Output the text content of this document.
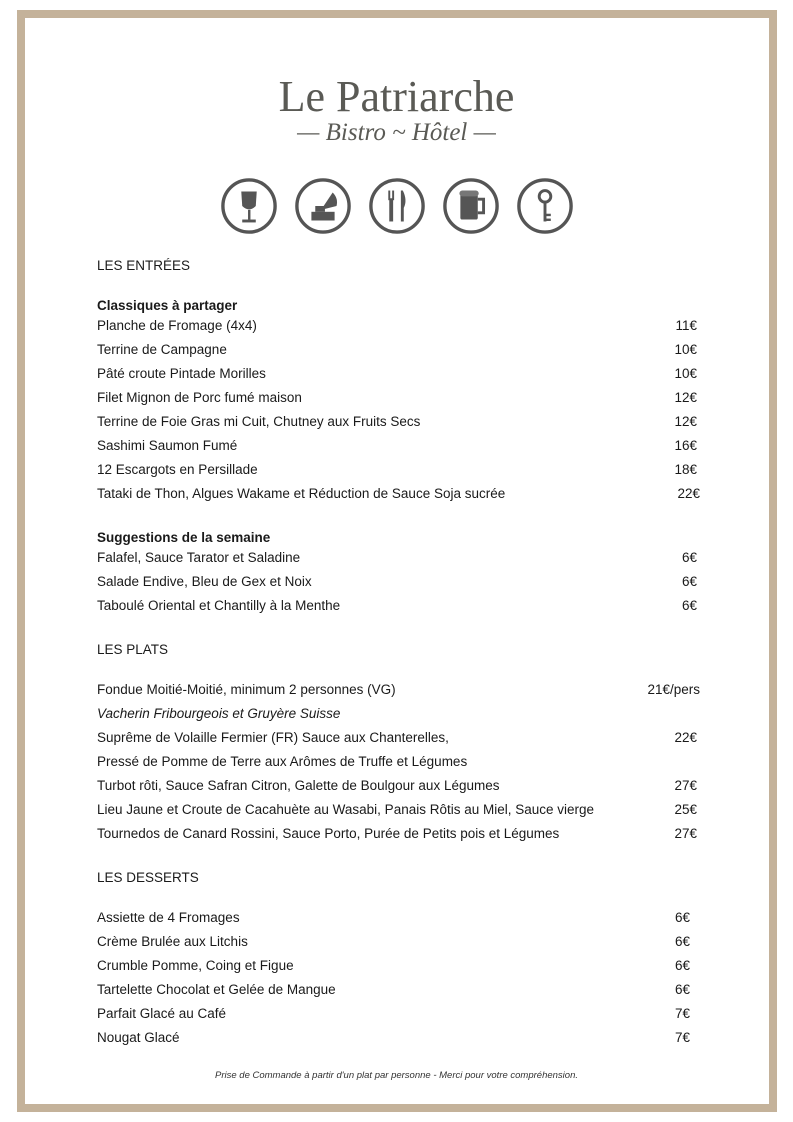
Le Patriarche
— Bistro ~ Hôtel —
LES ENTRÉES
Classiques à partager
Planche de Fromage (4x4)	11€
Terrine de Campagne	10€
Pâté croute Pintade Morilles	10€
Filet Mignon de Porc fumé maison	12€
Terrine de Foie Gras mi Cuit, Chutney aux Fruits Secs	12€
Sashimi Saumon Fumé	16€
12 Escargots en Persillade	18€
Tataki de Thon, Algues Wakame et Réduction de Sauce Soja sucrée	22€
Suggestions de la semaine
Falafel, Sauce Tarator et Saladine	6€
Salade Endive, Bleu de Gex et Noix	6€
Taboulé Oriental et Chantilly à la Menthe	6€
LES PLATS
Fondue Moitié-Moitié, minimum 2 personnes (VG)	21€/pers
Vacherin Fribourgeois et Gruyère Suisse
Suprême de Volaille Fermier (FR) Sauce aux Chanterelles,	22€
Pressé de Pomme de Terre aux Arômes de Truffe et Légumes
Turbot rôti, Sauce Safran Citron, Galette de Boulgour aux Légumes	27€
Lieu Jaune et Croute de Cacahuète au Wasabi, Panais Rôtis au Miel, Sauce vierge	25€
Tournedos de Canard Rossini, Sauce Porto, Purée de Petits pois et Légumes	27€
LES DESSERTS
Assiette de 4 Fromages	6€
Crème Brulée aux Litchis	6€
Crumble Pomme, Coing et Figue	6€
Tartelette Chocolat et Gelée de Mangue	6€
Parfait Glacé au Café	7€
Nougat Glacé	7€
Prise de Commande à partir d'un plat par personne - Merci pour votre compréhension.
